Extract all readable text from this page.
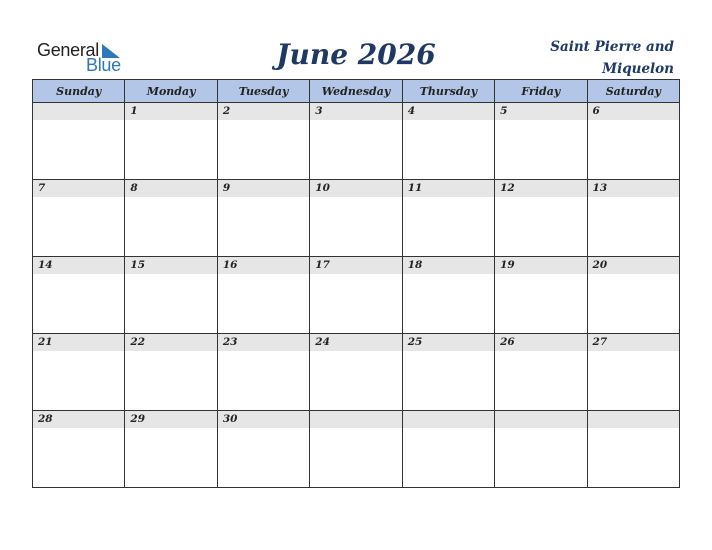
General
Blue	June 2026	Saint Pierre and
Miquelon
Sunday	Monday	Tuesday	Wednesday	Thursday	Friday	Saturday

	1	2	3	4	5	6

7	8	9	10	11	12	13

14	15	16	17	18	19	20

21	22	23	24	25	26	27

28	29	30				
